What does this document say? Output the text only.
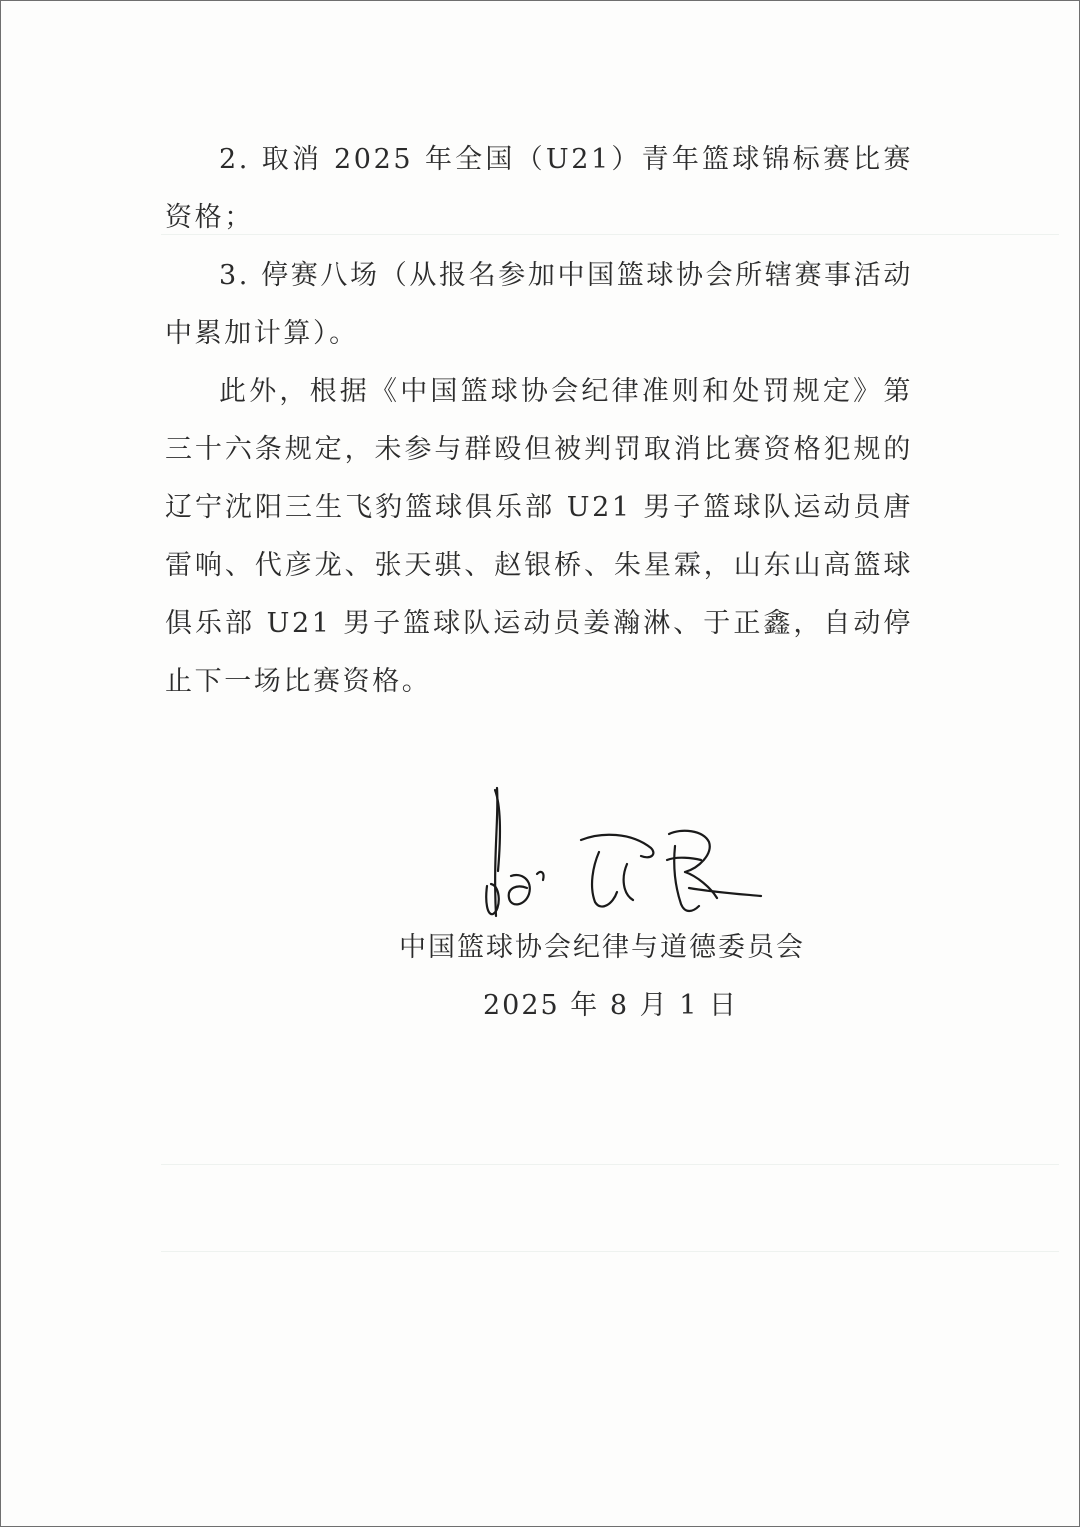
2. 取消 2025 年全国（U21）青年篮球锦标赛比赛资格；

3. 停赛八场（从报名参加中国篮球协会所辖赛事活动中累加计算）。

此外，根据《中国篮球协会纪律准则和处罚规定》第三十六条规定，未参与群殴但被判罚取消比赛资格犯规的辽宁沈阳三生飞豹篮球俱乐部 U21 男子篮球队运动员唐雷响、代彦龙、张天骐、赵银桥、朱星霖，山东山高篮球俱乐部 U21 男子篮球队运动员姜瀚淋、于正鑫，自动停止下一场比赛资格。

中国篮球协会纪律与道德委员会
2025 年 8 月 1 日
